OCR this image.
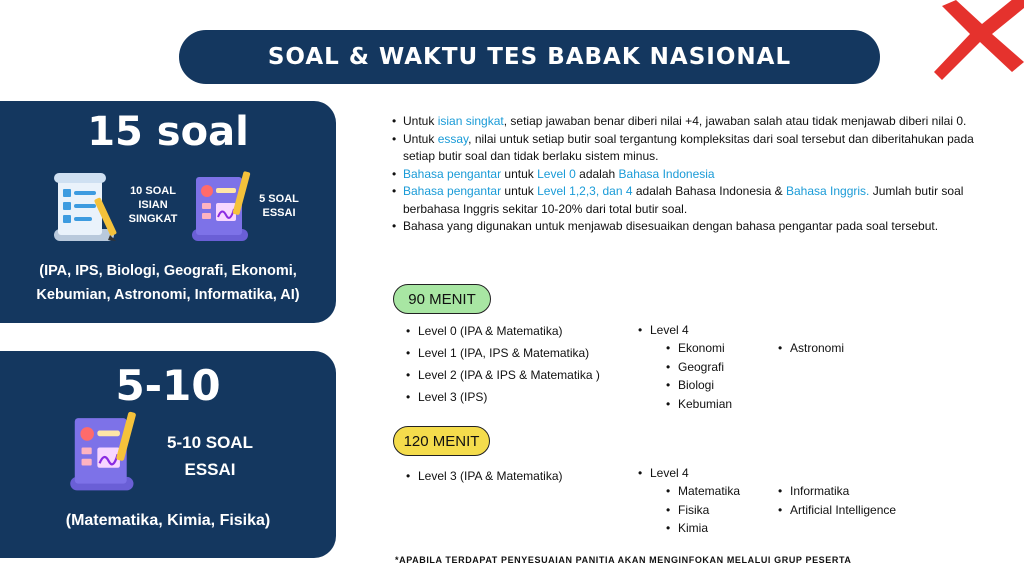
SOAL & WAKTU TES BABAK NASIONAL
15 soal
10 SOAL
ISIAN
SINGKAT
5 SOAL
ESSAI
(IPA, IPS, Biologi, Geografi, Ekonomi,
Kebumian, Astronomi, Informatika, AI)
5-10
5-10 SOAL
ESSAI
(Matematika, Kimia, Fisika)
• Untuk isian singkat, setiap jawaban benar diberi nilai +4, jawaban salah atau tidak menjawab diberi nilai 0.
• Untuk essay, nilai untuk setiap butir soal tergantung kompleksitas dari soal tersebut dan diberitahukan pada setiap butir soal dan tidak berlaku sistem minus.
• Bahasa pengantar untuk Level 0 adalah Bahasa Indonesia
• Bahasa pengantar untuk Level 1,2,3, dan 4 adalah Bahasa Indonesia & Bahasa Inggris. Jumlah butir soal berbahasa Inggris sekitar 10-20% dari total butir soal.
• Bahasa yang digunakan untuk menjawab disesuaikan dengan bahasa pengantar pada soal tersebut.
90 MENIT
• Level 0 (IPA & Matematika)
• Level 1 (IPA, IPS & Matematika)
• Level 2 (IPA & IPS & Matematika )
• Level 3 (IPS)
• Level 4
• Ekonomi
• Geografi
• Biologi
• Kebumian
• Astronomi
120 MENIT
• Level 3 (IPA & Matematika)
•	Level 4
• Matematika
• Fisika
• Kimia
• Informatika
• Artificial Intelligence
*APABILA TERDAPAT PENYESUAIAN PANITIA AKAN MENGINFOKAN MELALUI GRUP PESERTA
